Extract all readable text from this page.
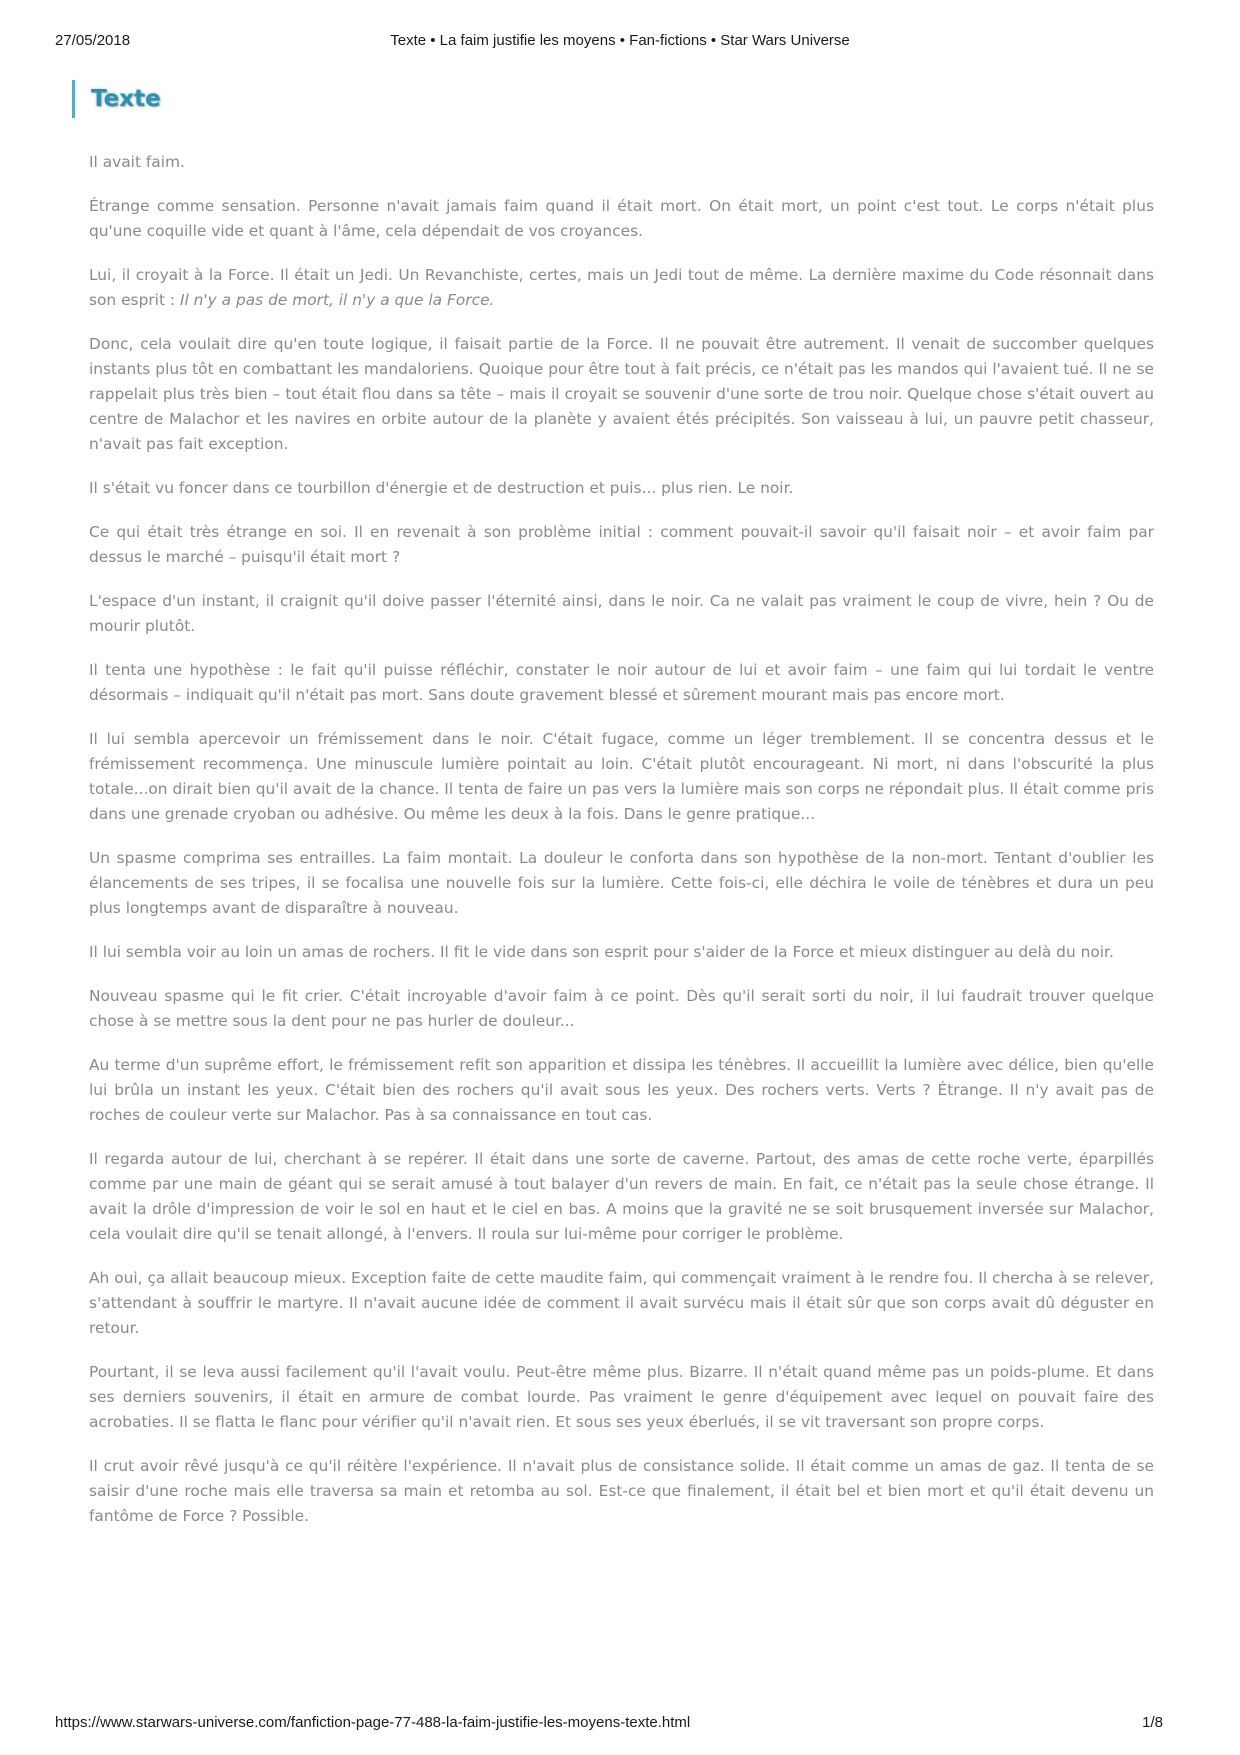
27/05/2018	Texte • La faim justifie les moyens • Fan-fictions • Star Wars Universe
Texte

Il avait faim.

Étrange comme sensation. Personne n'avait jamais faim quand il était mort. On était mort, un point c'est tout. Le corps n'était plus qu'une coquille vide et quant à l'âme, cela dépendait de vos croyances.

Lui, il croyait à la Force. Il était un Jedi. Un Revanchiste, certes, mais un Jedi tout de même. La dernière maxime du Code résonnait dans son esprit : Il n'y a pas de mort, il n'y a que la Force.

Donc, cela voulait dire qu'en toute logique, il faisait partie de la Force. Il ne pouvait être autrement. Il venait de succomber quelques instants plus tôt en combattant les mandaloriens. Quoique pour être tout à fait précis, ce n'était pas les mandos qui l'avaient tué. Il ne se rappelait plus très bien – tout était flou dans sa tête – mais il croyait se souvenir d'une sorte de trou noir. Quelque chose s'était ouvert au centre de Malachor et les navires en orbite autour de la planète y avaient étés précipités. Son vaisseau à lui, un pauvre petit chasseur, n'avait pas fait exception.

Il s'était vu foncer dans ce tourbillon d'énergie et de destruction et puis... plus rien. Le noir.

Ce qui était très étrange en soi. Il en revenait à son problème initial : comment pouvait-il savoir qu'il faisait noir – et avoir faim par dessus le marché – puisqu'il était mort ?

L'espace d'un instant, il craignit qu'il doive passer l'éternité ainsi, dans le noir. Ca ne valait pas vraiment le coup de vivre, hein ? Ou de mourir plutôt.

Il tenta une hypothèse : le fait qu'il puisse réfléchir, constater le noir autour de lui et avoir faim – une faim qui lui tordait le ventre désormais – indiquait qu'il n'était pas mort. Sans doute gravement blessé et sûrement mourant mais pas encore mort.

Il lui sembla apercevoir un frémissement dans le noir. C'était fugace, comme un léger tremblement. Il se concentra dessus et le frémissement recommença. Une minuscule lumière pointait au loin. C'était plutôt encourageant. Ni mort, ni dans l'obscurité la plus totale...on dirait bien qu'il avait de la chance. Il tenta de faire un pas vers la lumière mais son corps ne répondait plus. Il était comme pris dans une grenade cryoban ou adhésive. Ou même les deux à la fois. Dans le genre pratique...

Un spasme comprima ses entrailles. La faim montait. La douleur le conforta dans son hypothèse de la non-mort. Tentant d'oublier les élancements de ses tripes, il se focalisa une nouvelle fois sur la lumière. Cette fois-ci, elle déchira le voile de ténèbres et dura un peu plus longtemps avant de disparaître à nouveau.

Il lui sembla voir au loin un amas de rochers. Il fit le vide dans son esprit pour s'aider de la Force et mieux distinguer au delà du noir.

Nouveau spasme qui le fit crier. C'était incroyable d'avoir faim à ce point. Dès qu'il serait sorti du noir, il lui faudrait trouver quelque chose à se mettre sous la dent pour ne pas hurler de douleur...

Au terme d'un suprême effort, le frémissement refit son apparition et dissipa les ténèbres. Il accueillit la lumière avec délice, bien qu'elle lui brûla un instant les yeux. C'était bien des rochers qu'il avait sous les yeux. Des rochers verts. Verts ? Étrange. Il n'y avait pas de roches de couleur verte sur Malachor. Pas à sa connaissance en tout cas.

Il regarda autour de lui, cherchant à se repérer. Il était dans une sorte de caverne. Partout, des amas de cette roche verte, éparpillés comme par une main de géant qui se serait amusé à tout balayer d'un revers de main. En fait, ce n'était pas la seule chose étrange. Il avait la drôle d'impression de voir le sol en haut et le ciel en bas. A moins que la gravité ne se soit brusquement inversée sur Malachor, cela voulait dire qu'il se tenait allongé, à l'envers. Il roula sur lui-même pour corriger le problème.

Ah oui, ça allait beaucoup mieux. Exception faite de cette maudite faim, qui commençait vraiment à le rendre fou. Il chercha à se relever, s'attendant à souffrir le martyre. Il n'avait aucune idée de comment il avait survécu mais il était sûr que son corps avait dû déguster en retour.

Pourtant, il se leva aussi facilement qu'il l'avait voulu. Peut-être même plus. Bizarre. Il n'était quand même pas un poids-plume. Et dans ses derniers souvenirs, il était en armure de combat lourde. Pas vraiment le genre d'équipement avec lequel on pouvait faire des acrobaties. Il se flatta le flanc pour vérifier qu'il n'avait rien. Et sous ses yeux éberlués, il se vit traversant son propre corps.

Il crut avoir rêvé jusqu'à ce qu'il réitère l'expérience. Il n'avait plus de consistance solide. Il était comme un amas de gaz. Il tenta de se saisir d'une roche mais elle traversa sa main et retomba au sol. Est-ce que finalement, il était bel et bien mort et qu'il était devenu un fantôme de Force ? Possible.

https://www.starwars-universe.com/fanfiction-page-77-488-la-faim-justifie-les-moyens-texte.html	1/8
